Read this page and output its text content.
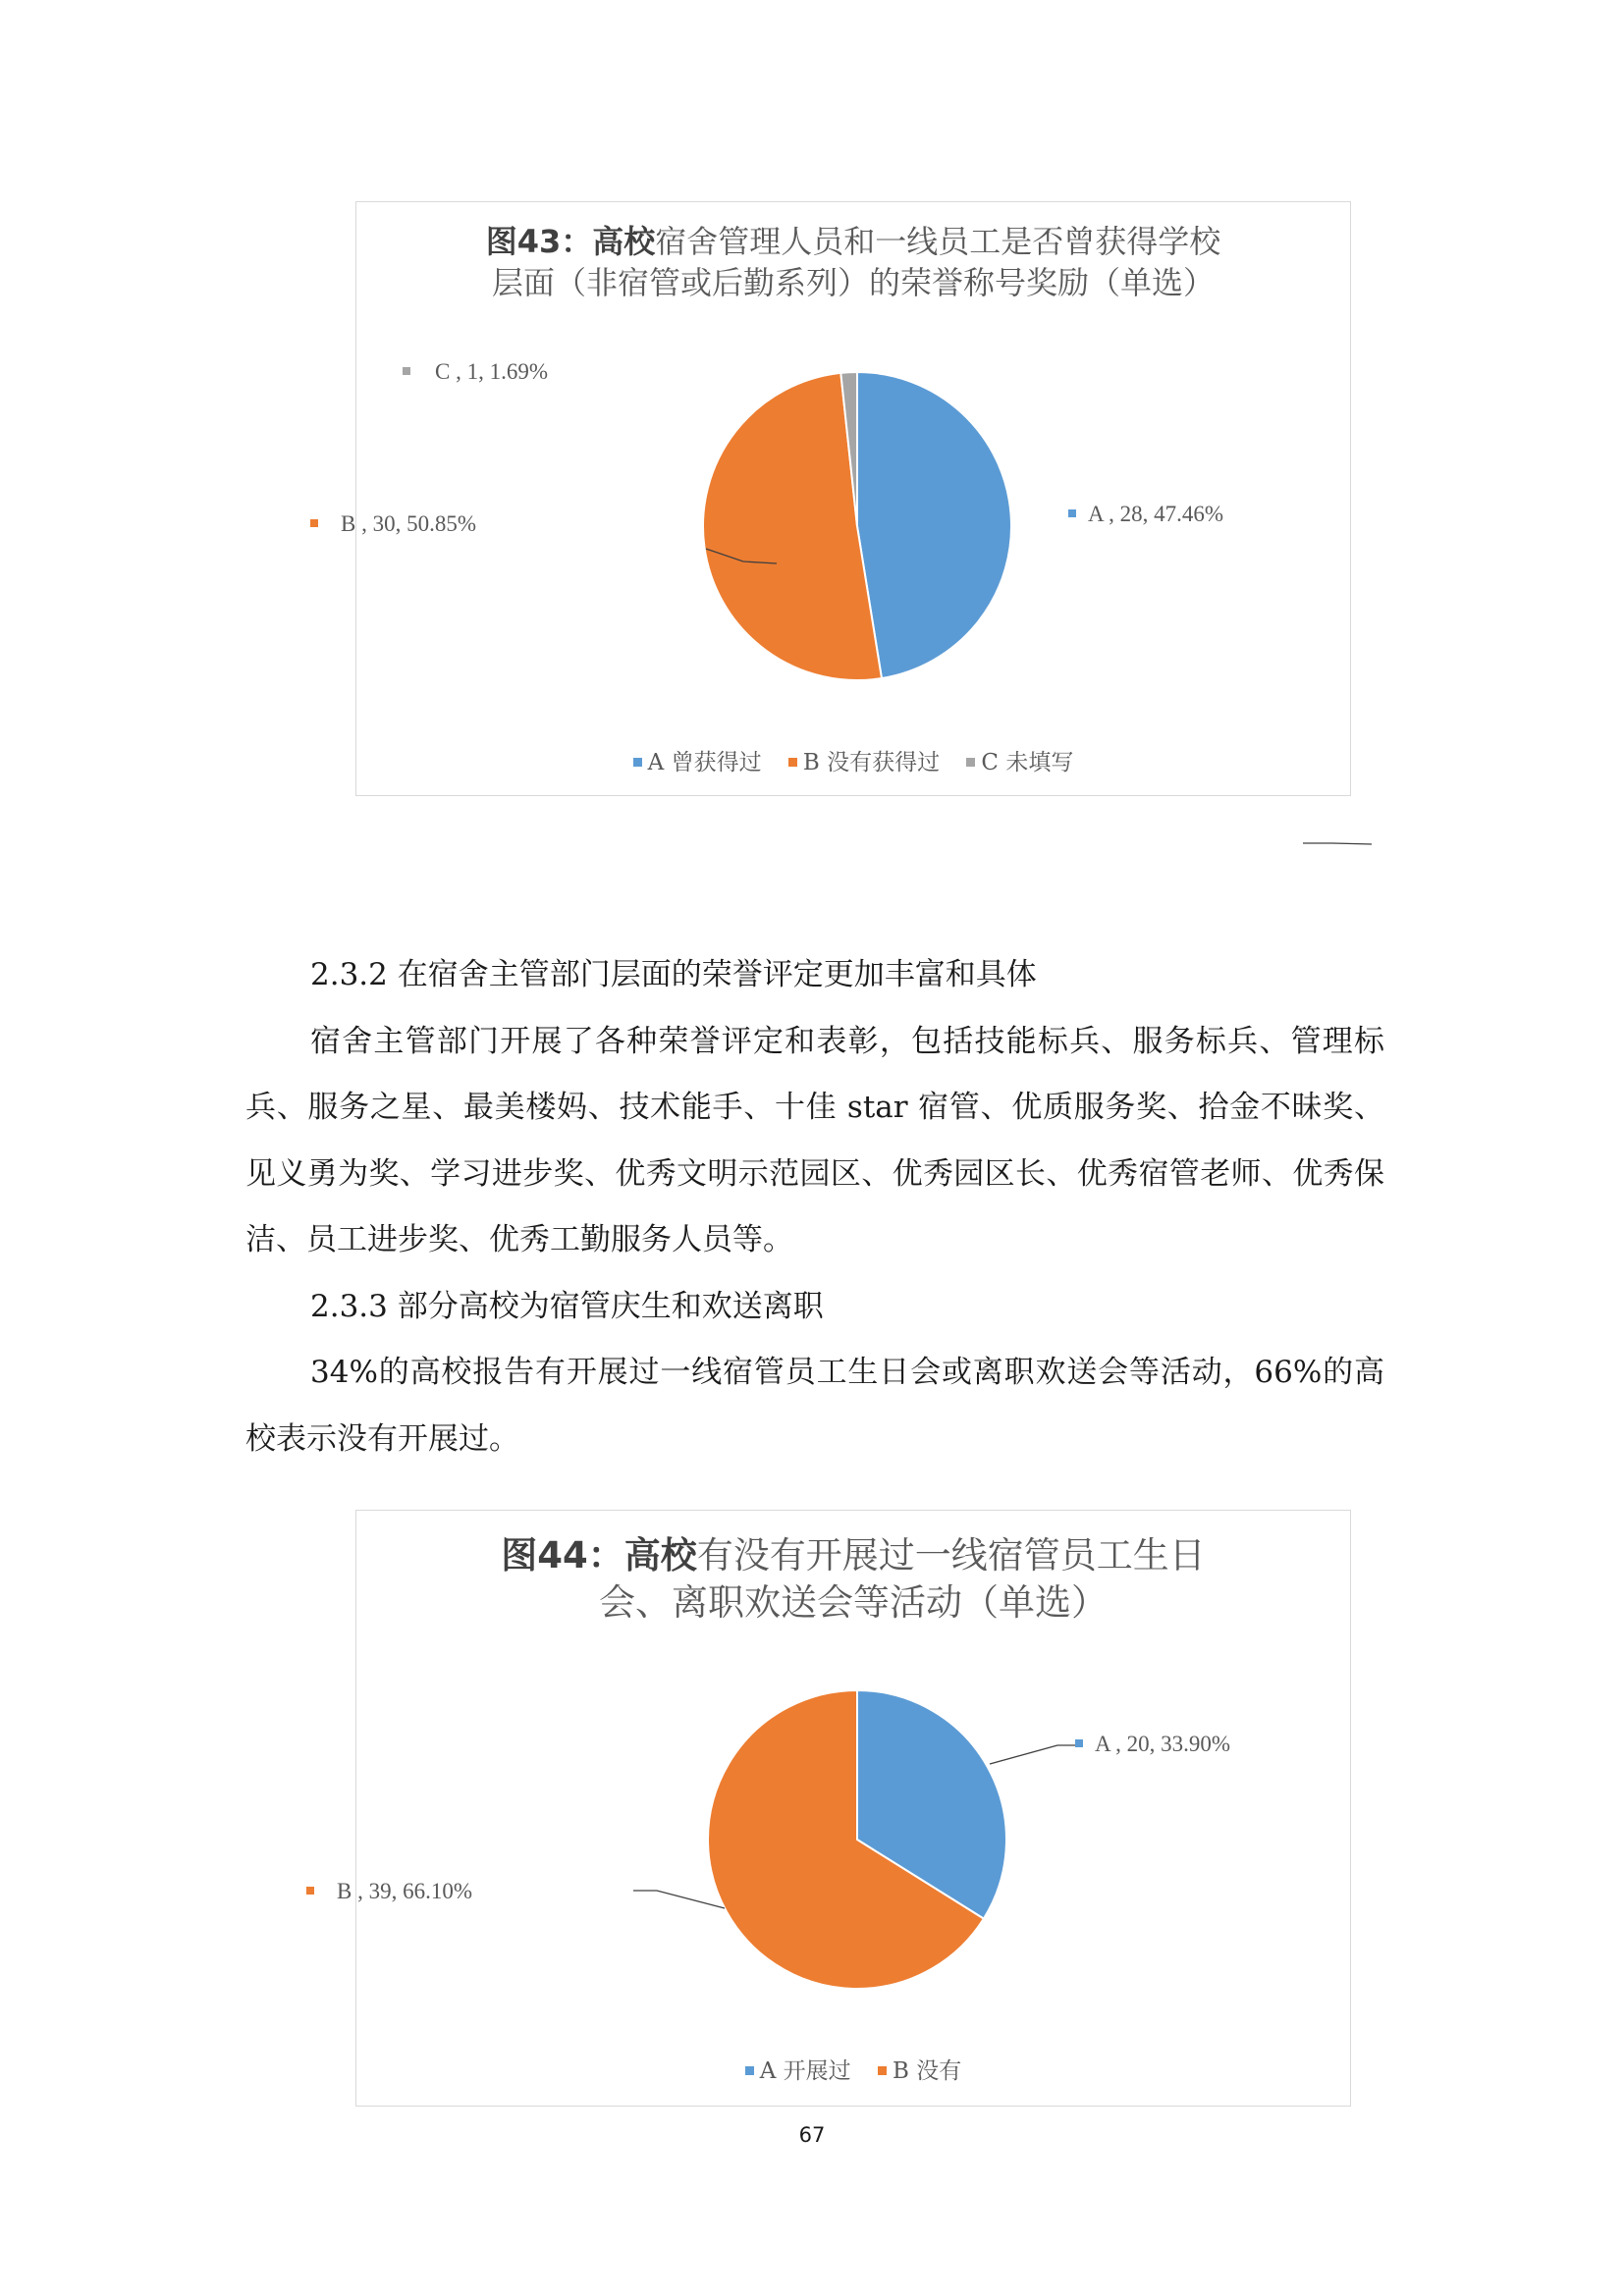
图43：高校宿舍管理人员和一线员工是否曾获得学校
层面（非宿管或后勤系列）的荣誉称号奖励（单选）
A , 28, 47.46%
B , 30, 50.85%
C , 1, 1.69%
A 曾获得过 B 没有获得过 C 未填写

2.3.2 在宿舍主管部门层面的荣誉评定更加丰富和具体

宿舍主管部门开展了各种荣誉评定和表彰，包括技能标兵、服务标兵、管理标兵、服务之星、最美楼妈、技术能手、十佳 star 宿管、优质服务奖、拾金不昧奖、见义勇为奖、学习进步奖、优秀文明示范园区、优秀园区长、优秀宿管老师、优秀保洁、员工进步奖、优秀工勤服务人员等。

2.3.3 部分高校为宿管庆生和欢送离职

34%的高校报告有开展过一线宿管员工生日会或离职欢送会等活动，66%的高校表示没有开展过。

图44：高校有没有开展过一线宿管员工生日
会、离职欢送会等活动（单选）
A , 20, 33.90%
B , 39, 66.10%
A 开展过 B 没有
67
